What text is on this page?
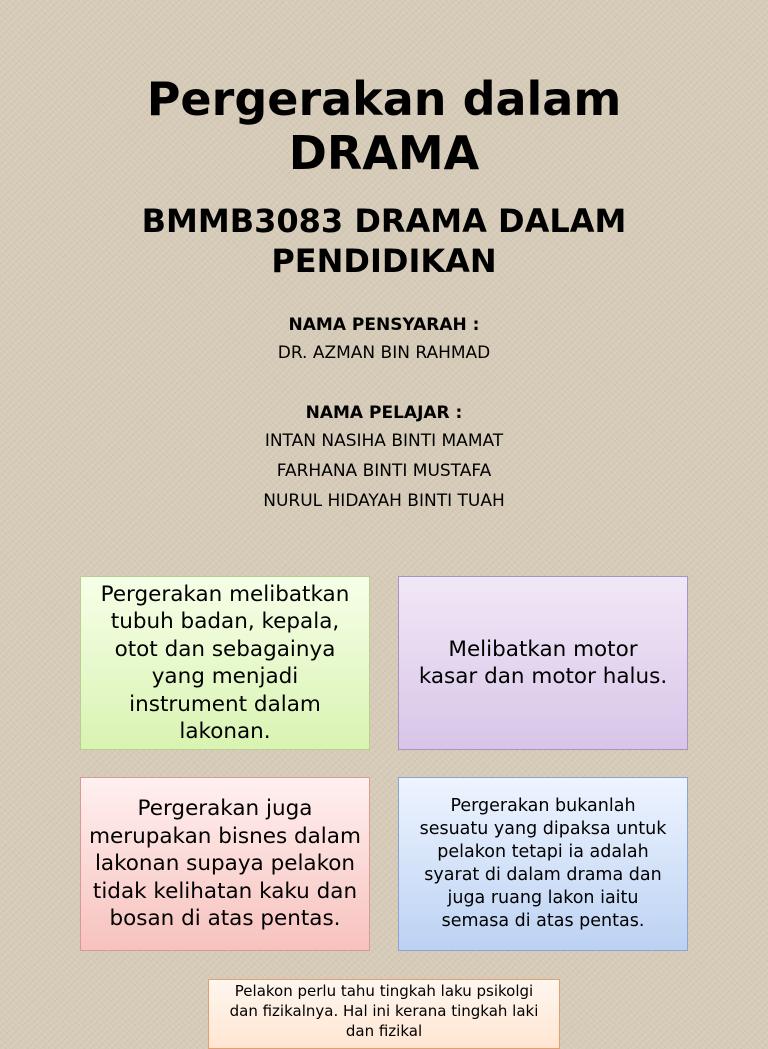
Pergerakan dalam
DRAMA
BMMB3083 DRAMA DALAM
PENDIDIKAN
NAMA PENSYARAH :
DR. AZMAN BIN RAHMAD
NAMA PELAJAR :
INTAN NASIHA BINTI MAMAT
FARHANA BINTI MUSTAFA
NURUL HIDAYAH BINTI TUAH
Pergerakan melibatkan tubuh badan, kepala, otot dan sebagainya yang menjadi instrument dalam lakonan.
Melibatkan motor kasar dan motor halus.
Pergerakan juga merupakan bisnes dalam lakonan supaya pelakon tidak kelihatan kaku dan bosan di atas pentas.
Pergerakan bukanlah sesuatu yang dipaksa untuk pelakon tetapi ia adalah syarat di dalam drama dan juga ruang lakon iaitu semasa di atas pentas.
Pelakon perlu tahu tingkah laku psikolgi dan fizikalnya. Hal ini kerana tingkah laki dan fizikal
